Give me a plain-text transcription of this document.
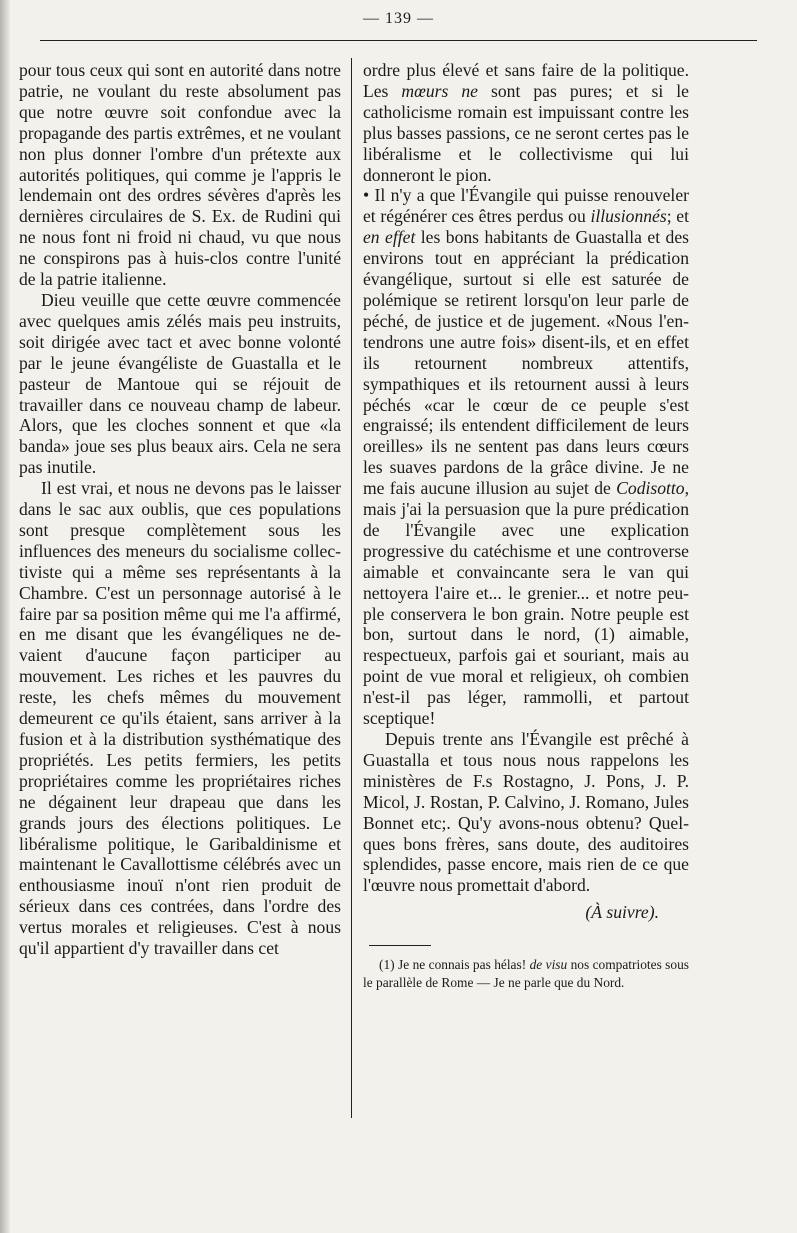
— 139 —

pour tous ceux qui sont en autorité dans notre patrie, ne voulant du reste absolument pas que notre œuvre soit confondue avec la propagande des partis extrêmes, et ne voulant non plus donner l'ombre d'un prétexte aux autorités politiques, qui comme je l'appris le lendemain ont des ordres sévères d'après les dernières circulaires de S. Ex. de Rudini qui ne nous font ni froid ni chaud, vu que nous ne conspirons pas à huis-clos contre l'unité de la patrie italienne.

Dieu veuille que cette œuvre commencée avec quelques amis zélés mais peu instruits, soit dirigée avec tact et avec bonne volonté par le jeune évangéliste de Guastalla et le pasteur de Mantoue qui se réjouit de travailler dans ce nouveau champ de labeur. Alors, que les cloches sonnent et que «la banda» joue ses plus beaux airs. Cela ne sera pas inutile.

Il est vrai, et nous ne devons pas le laisser dans le sac aux oublis, que ces populations sont presque complètement sous les influences des meneurs du socialisme collectiviste qui a même ses représentants à la Chambre. C'est un personnage autorisé à le faire par sa position même qui me l'a affirmé, en me disant que les évangéliques ne devaient d'aucune façon participer au mouvement. Les riches et les pauvres du reste, les chefs mêmes du mouvement demeurent ce qu'ils étaient, sans arriver à la fusion et à la distribution systhématique des propriétés. Les petits fermiers, les petits propriétaires comme les propriétaires riches ne dégainent leur drapeau que dans les grands jours des élections politiques. Le libéralisme politique, le Garibaldinisme et maintenant le Cavallottisme célébrés avec un enthousiasme inouï n'ont rien produit de sérieux dans ces contrées, dans l'ordre des vertus morales et religieuses. C'est à nous qu'il appartient d'y travailler dans cet

ordre plus élevé et sans faire de la politique. Les mœurs ne sont pas pures; et si le catholicisme romain est impuissant contre les plus basses passions, ce ne seront certes pas le libéralisme et le collectivisme qui lui donneront le pion.

• Il n'y a que l'Évangile qui puisse renouveler et régénérer ces êtres perdus ou illusionnés; et en effet les bons habitants de Guastalla et des environs tout en appréciant la prédication évangélique, surtout si elle est saturée de polémique se retirent lorsqu'on leur parle de péché, de justice et de jugement. «Nous l'entendrons une autre fois» disent-ils, et en effet ils retournent nombreux attentifs, sympathiques et ils retournent aussi à leurs péchés «car le cœur de ce peuple s'est engraissé; ils entendent difficilement de leurs oreilles» ils ne sentent pas dans leurs cœurs les suaves pardons de la grâce divine. Je ne me fais aucune illusion au sujet de Codisotto, mais j'ai la persuasion que la pure prédication de l'Évangile avec une explication progressive du catéchisme et une controverse aimable et convaincante sera le van qui nettoyera l'aire et... le grenier... et notre peuple conservera le bon grain. Notre peuple est bon, surtout dans le nord, (1) aimable, respectueux, parfois gai et souriant, mais au point de vue moral et religieux, oh combien n'est-il pas léger, rammolli, et partout sceptique!

Depuis trente ans l'Évangile est prêché à Guastalla et tous nous nous rappelons les ministères de F.s Rostagno, J. Pons, J. P. Micol, J. Rostan, P. Calvino, J. Romano, Jules Bonnet etc;. Qu'y avons-nous obtenu? Quelques bons frères, sans doute, des auditoires splendides, passe encore, mais rien de ce que l'œuvre nous promettait d'abord.

(À suivre).

(1) Je ne connais pas hélas! de visu nos compatriotes sous le parallèle de Rome — Je ne parle que du Nord.
